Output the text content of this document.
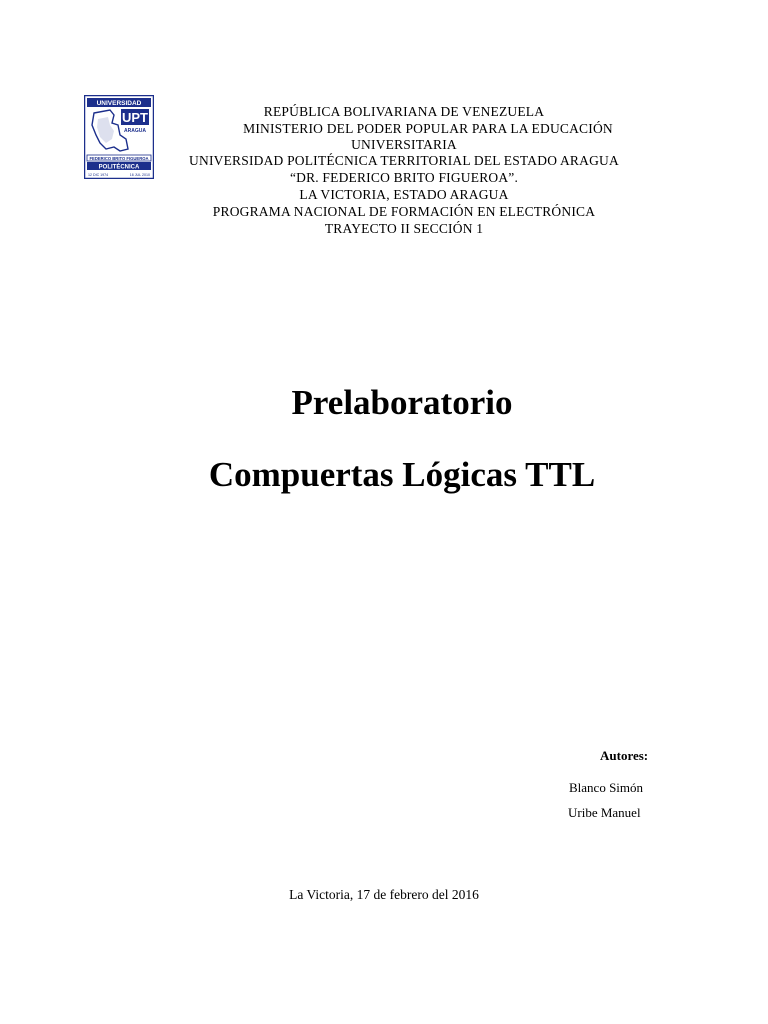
UNIVERSIDAD
UPT
ARAGUA
FEDERICO BRITO FIGUEROA
POLITÉCNICA
12 DIC 1974	16 JUL 2010
REPÚBLICA BOLIVARIANA DE VENEZUELA
MINISTERIO DEL PODER POPULAR PARA LA EDUCACIÓN
UNIVERSITARIA
UNIVERSIDAD POLITÉCNICA TERRITORIAL DEL ESTADO ARAGUA
“DR. FEDERICO BRITO FIGUEROA”.
LA VICTORIA, ESTADO ARAGUA
PROGRAMA NACIONAL DE FORMACIÓN EN ELECTRÓNICA
TRAYECTO II SECCIÓN 1
Prelaboratorio
Compuertas Lógicas TTL
Autores:
Blanco Simón
Uribe Manuel
La Victoria, 17 de febrero del 2016
